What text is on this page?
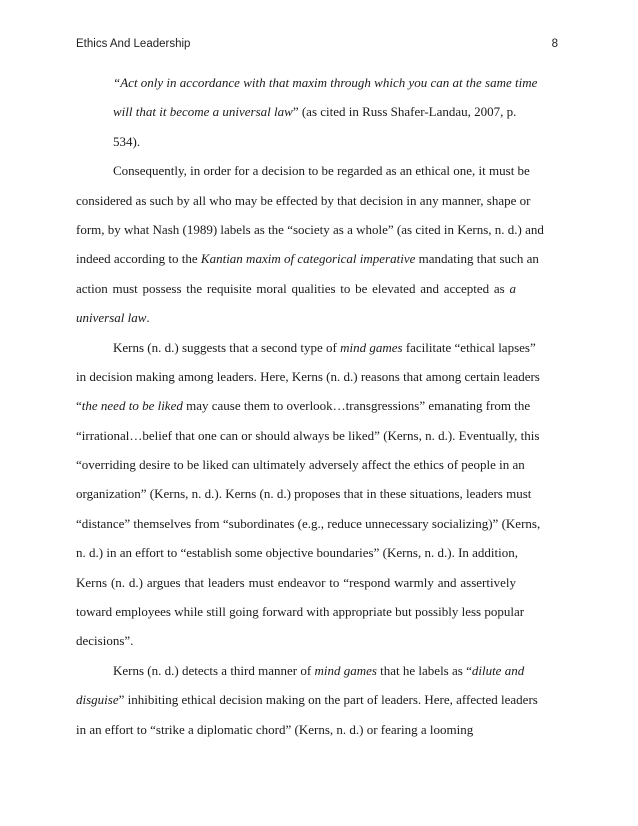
Ethics And Leadership	8
“Act only in accordance with that maxim through which you can at the same time
will that it become a universal law” (as cited in Russ Shafer-Landau, 2007, p.
534).
Consequently, in order for a decision to be regarded as an ethical one, it must be
considered as such by all who may be effected by that decision in any manner, shape or
form, by what Nash (1989) labels as the “society as a whole” (as cited in Kerns, n. d.) and
indeed according to the Kantian maxim of categorical imperative mandating that such an
action must possess the requisite moral qualities to be elevated and accepted as a
universal law.
Kerns (n. d.) suggests that a second type of mind games facilitate “ethical lapses”
in decision making among leaders. Here, Kerns (n. d.) reasons that among certain leaders
“the need to be liked may cause them to overlook…transgressions” emanating from the
“irrational…belief that one can or should always be liked” (Kerns, n. d.). Eventually, this
“overriding desire to be liked can ultimately adversely affect the ethics of people in an
organization” (Kerns, n. d.). Kerns (n. d.) proposes that in these situations, leaders must
“distance” themselves from “subordinates (e.g., reduce unnecessary socializing)” (Kerns,
n. d.) in an effort to “establish some objective boundaries” (Kerns, n. d.). In addition,
Kerns (n. d.) argues that leaders must endeavor to “respond warmly and assertively
toward employees while still going forward with appropriate but possibly less popular
decisions”.
Kerns (n. d.) detects a third manner of mind games that he labels as “dilute and
disguise” inhibiting ethical decision making on the part of leaders. Here, affected leaders
in an effort to “strike a diplomatic chord” (Kerns, n. d.) or fearing a looming
